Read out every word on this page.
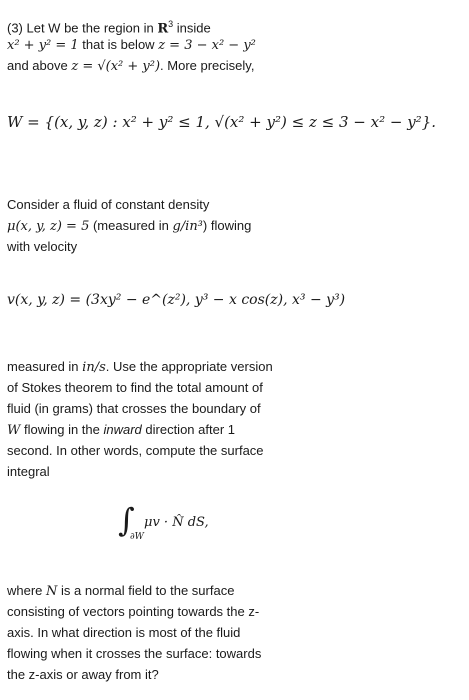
(3) Let W be the region in $R^3$ inside
x² + y² = 1 that is below z = 3 − x² − y²
and above z = √(x² + y²). More precisely,
W = {(x, y, z) : x² + y² ≤ 1, √(x² + y²) ≤ z ≤ 3 − x² − y²}.
Consider a fluid of constant density
μ(x, y, z) = 5 (measured in g/in³) flowing
with velocity
v(x, y, z) = (3xy² − e^(z²), y³ − x cos(z), x³ − y³)
measured in in/s. Use the appropriate version
of Stokes theorem to find the total amount of
fluid (in grams) that crosses the boundary of
W flowing in the inward direction after 1
second. In other words, compute the surface
integral
∫
∂W
μv · N̂ dS,
where N is a normal field to the surface
consisting of vectors pointing towards the z-
axis. In what direction is most of the fluid
flowing when it crosses the surface: towards
the z-axis or away from it?
